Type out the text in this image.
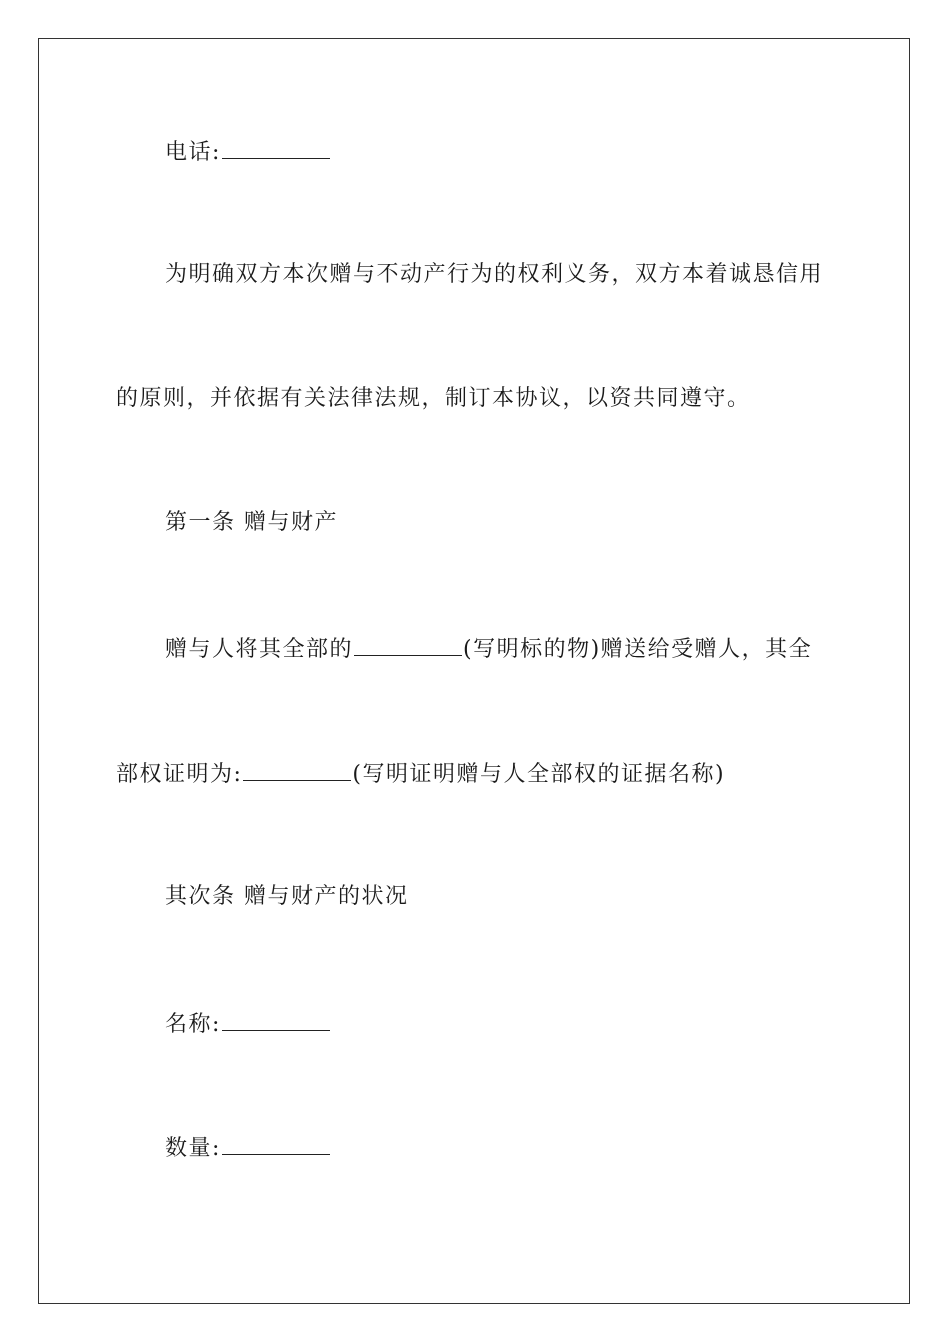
电话:
为明确双方本次赠与不动产行为的权利义务，双方本着诚恳信用
的原则，并依据有关法律法规，制订本协议，以资共同遵守。
第一条 赠与财产
赠与人将其全部的	(写明标的物)赠送给受赠人，其全
部权证明为:	(写明证明赠与人全部权的证据名称)
其次条 赠与财产的状况
名称:
数量:
